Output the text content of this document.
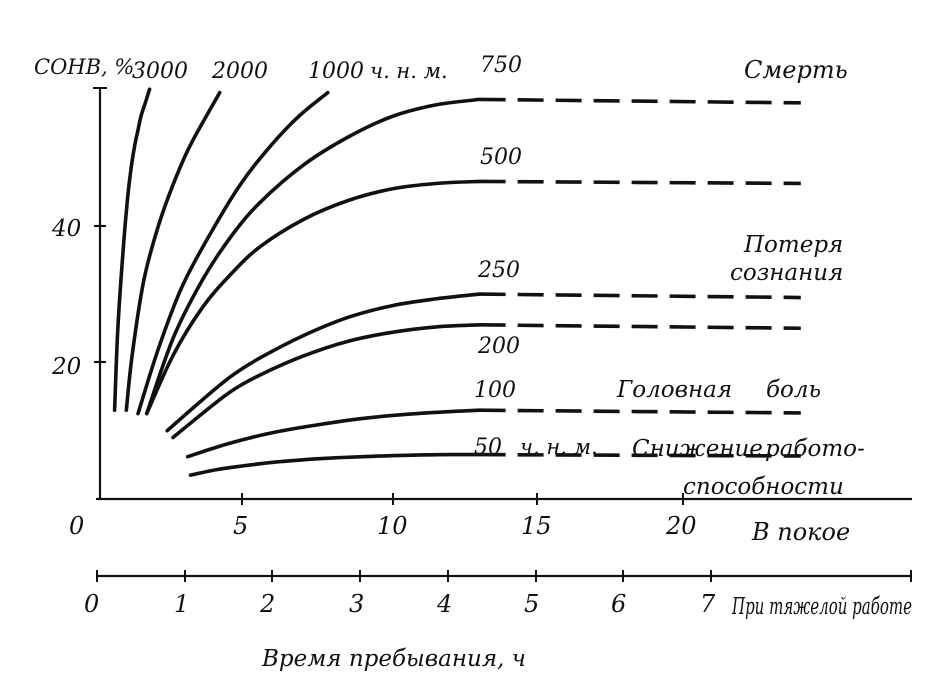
СОНВ, %
40
20
0	5	10	15	20 В покое
0	1	2	3	4	5	6	7 При тяжелой работе
Время пребывания, ч
3000 2000 1000 ч. н. м. 750
500
250
200
100
50 ч. н. м.
Смерть
Потеря
сознания
Головная боль
Снижение работо-
способности
